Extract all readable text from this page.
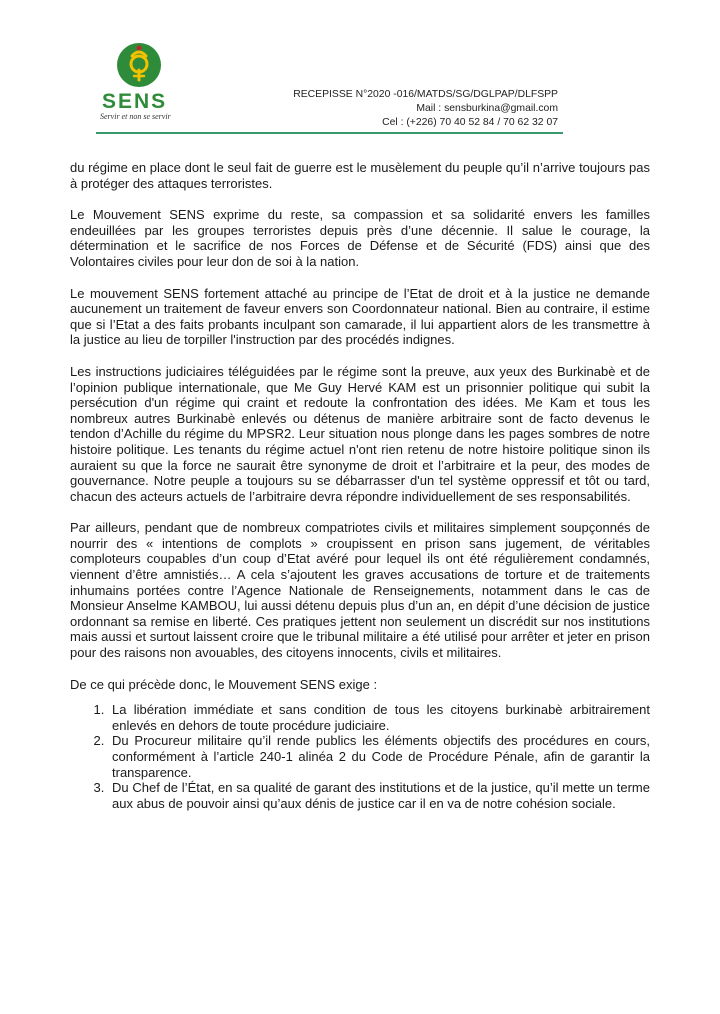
SENS
Servir et non se servir
RECEPISSE N°2020 -016/MATDS/SG/DGLPAP/DLFSPP
Mail : sensburkina@gmail.com
Cel : (+226) 70 40 52 84 / 70 62 32 07

du régime en place dont le seul fait de guerre est le musèlement du peuple qu’il n’arrive toujours pas à protéger des attaques terroristes.

Le Mouvement SENS exprime du reste, sa compassion et sa solidarité envers les familles endeuillées par les groupes terroristes depuis près d’une décennie. Il salue le courage, la détermination et le sacrifice de nos Forces de Défense et de Sécurité (FDS) ainsi que des Volontaires civiles pour leur don de soi à la nation.

Le mouvement SENS fortement attaché au principe de l’Etat de droit et à la justice ne demande aucunement un traitement de faveur envers son Coordonnateur national. Bien au contraire, il estime que si l’Etat a des faits probants inculpant son camarade, il lui appartient alors de les transmettre à la justice au lieu de torpiller l'instruction par des procédés indignes.

Les instructions judiciaires téléguidées par le régime sont la preuve, aux yeux des Burkinabè et de l’opinion publique internationale, que Me Guy Hervé KAM est un prisonnier politique qui subit la persécution d'un régime qui craint et redoute la confrontation des idées. Me Kam et tous les nombreux autres Burkinabè enlevés ou détenus de manière arbitraire sont de facto devenus le tendon d’Achille du régime du MPSR2. Leur situation nous plonge dans les pages sombres de notre histoire politique. Les tenants du régime actuel n'ont rien retenu de notre histoire politique sinon ils auraient su que la force ne saurait être synonyme de droit et l’arbitraire et la peur, des modes de gouvernance. Notre peuple a toujours su se débarrasser d'un tel système oppressif et tôt ou tard, chacun des acteurs actuels de l’arbitraire devra répondre individuellement de ses responsabilités.

Par ailleurs, pendant que de nombreux compatriotes civils et militaires simplement soupçonnés de nourrir des « intentions de complots » croupissent en prison sans jugement, de véritables comploteurs coupables d’un coup d’Etat avéré pour lequel ils ont été régulièrement condamnés, viennent d’être amnistiés… A cela s’ajoutent les graves accusations de torture et de traitements inhumains portées contre l’Agence Nationale de Renseignements, notamment dans le cas de Monsieur Anselme KAMBOU, lui aussi détenu depuis plus d’un an, en dépit d’une décision de justice ordonnant sa remise en liberté. Ces pratiques jettent non seulement un discrédit sur nos institutions mais aussi et surtout laissent croire que le tribunal militaire a été utilisé pour arrêter et jeter en prison pour des raisons non avouables, des citoyens innocents, civils et militaires.

De ce qui précède donc, le Mouvement SENS exige :

1. La libération immédiate et sans condition de tous les citoyens burkinabè arbitrairement enlevés en dehors de toute procédure judiciaire.
2. Du Procureur militaire qu’il rende publics les éléments objectifs des procédures en cours, conformément à l’article 240-1 alinéa 2 du Code de Procédure Pénale, afin de garantir la transparence.
3. Du Chef de l’État, en sa qualité de garant des institutions et de la justice, qu’il mette un terme aux abus de pouvoir ainsi qu’aux dénis de justice car il en va de notre cohésion sociale.
